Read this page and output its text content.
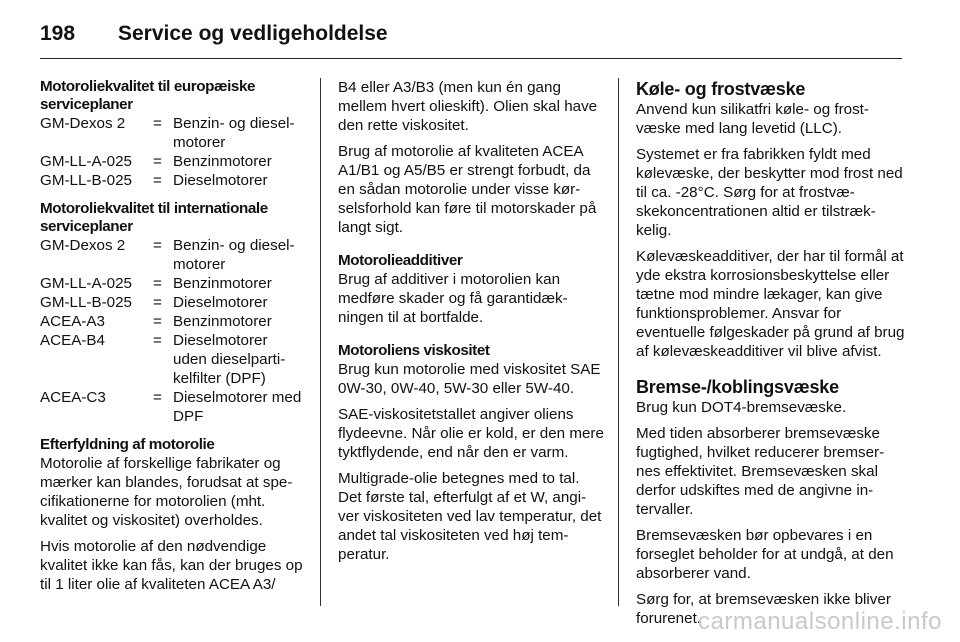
198 Service og vedligeholdelse
Motoroliekvalitet til europæiske serviceplaner
GM-Dexos 2	= Benzin- og diesel-motorer
GM-LL-A-025	= Benzinmotorer
GM-LL-B-025	= Dieselmotorer
Motoroliekvalitet til internationale serviceplaner
GM-Dexos 2	= Benzin- og diesel-motorer
GM-LL-A-025	= Benzinmotorer
GM-LL-B-025	= Dieselmotorer
ACEA-A3	= Benzinmotorer
ACEA-B4	= Dieselmotorer uden dieselparti-kelfilter (DPF)
ACEA-C3	= Dieselmotorer med DPF
Efterfyldning af motorolie

Motorolie af forskellige fabrikater og mærker kan blandes, forudsat at spe-cifikationerne for motorolien (mht. kvalitet og viskositet) overholdes.

Hvis motorolie af den nødvendige kvalitet ikke kan fås, kan der bruges op til 1 liter olie af kvaliteten ACEA A3/

B4 eller A3/B3 (men kun én gang mellem hvert olieskift). Olien skal have den rette viskositet.

Brug af motorolie af kvaliteten ACEA A1/B1 og A5/B5 er strengt forbudt, da en sådan motorolie under visse kør-selsforhold kan føre til motorskader på langt sigt.

Motorolieadditiver

Brug af additiver i motorolien kan medføre skader og få garantidæk-ningen til at bortfalde.

Motoroliens viskositet

Brug kun motorolie med viskositet SAE 0W-30, 0W-40, 5W-30 eller 5W-40.

SAE-viskositetstallet angiver oliens flydeevne. Når olie er kold, er den mere tyktflydende, end når den er varm.

Multigrade-olie betegnes med to tal. Det første tal, efterfulgt af et W, angi-ver viskositeten ved lav temperatur, det andet tal viskositeten ved høj tem-peratur.

Køle- og frostvæske

Anvend kun silikatfri køle- og frost-væske med lang levetid (LLC).

Systemet er fra fabrikken fyldt med kølevæske, der beskytter mod frost ned til ca. -28°C. Sørg for at frostvæ-skekoncentrationen altid er tilstræk-kelig.

Kølevæskeadditiver, der har til formål at yde ekstra korrosionsbeskyttelse eller tætne mod mindre lækager, kan give funktionsproblemer. Ansvar for eventuelle følgeskader på grund af brug af kølevæskeadditiver vil blive afvist.

Bremse-/koblingsvæske

Brug kun DOT4-bremsevæske.

Med tiden absorberer bremsevæske fugtighed, hvilket reducerer bremser-nes effektivitet. Bremsevæsken skal derfor udskiftes med de angivne in-tervaller.

Bremsevæsken bør opbevares i en forseglet beholder for at undgå, at den absorberer vand.

Sørg for, at bremsevæsken ikke bliver forurenet.

carmanualsonline.info
